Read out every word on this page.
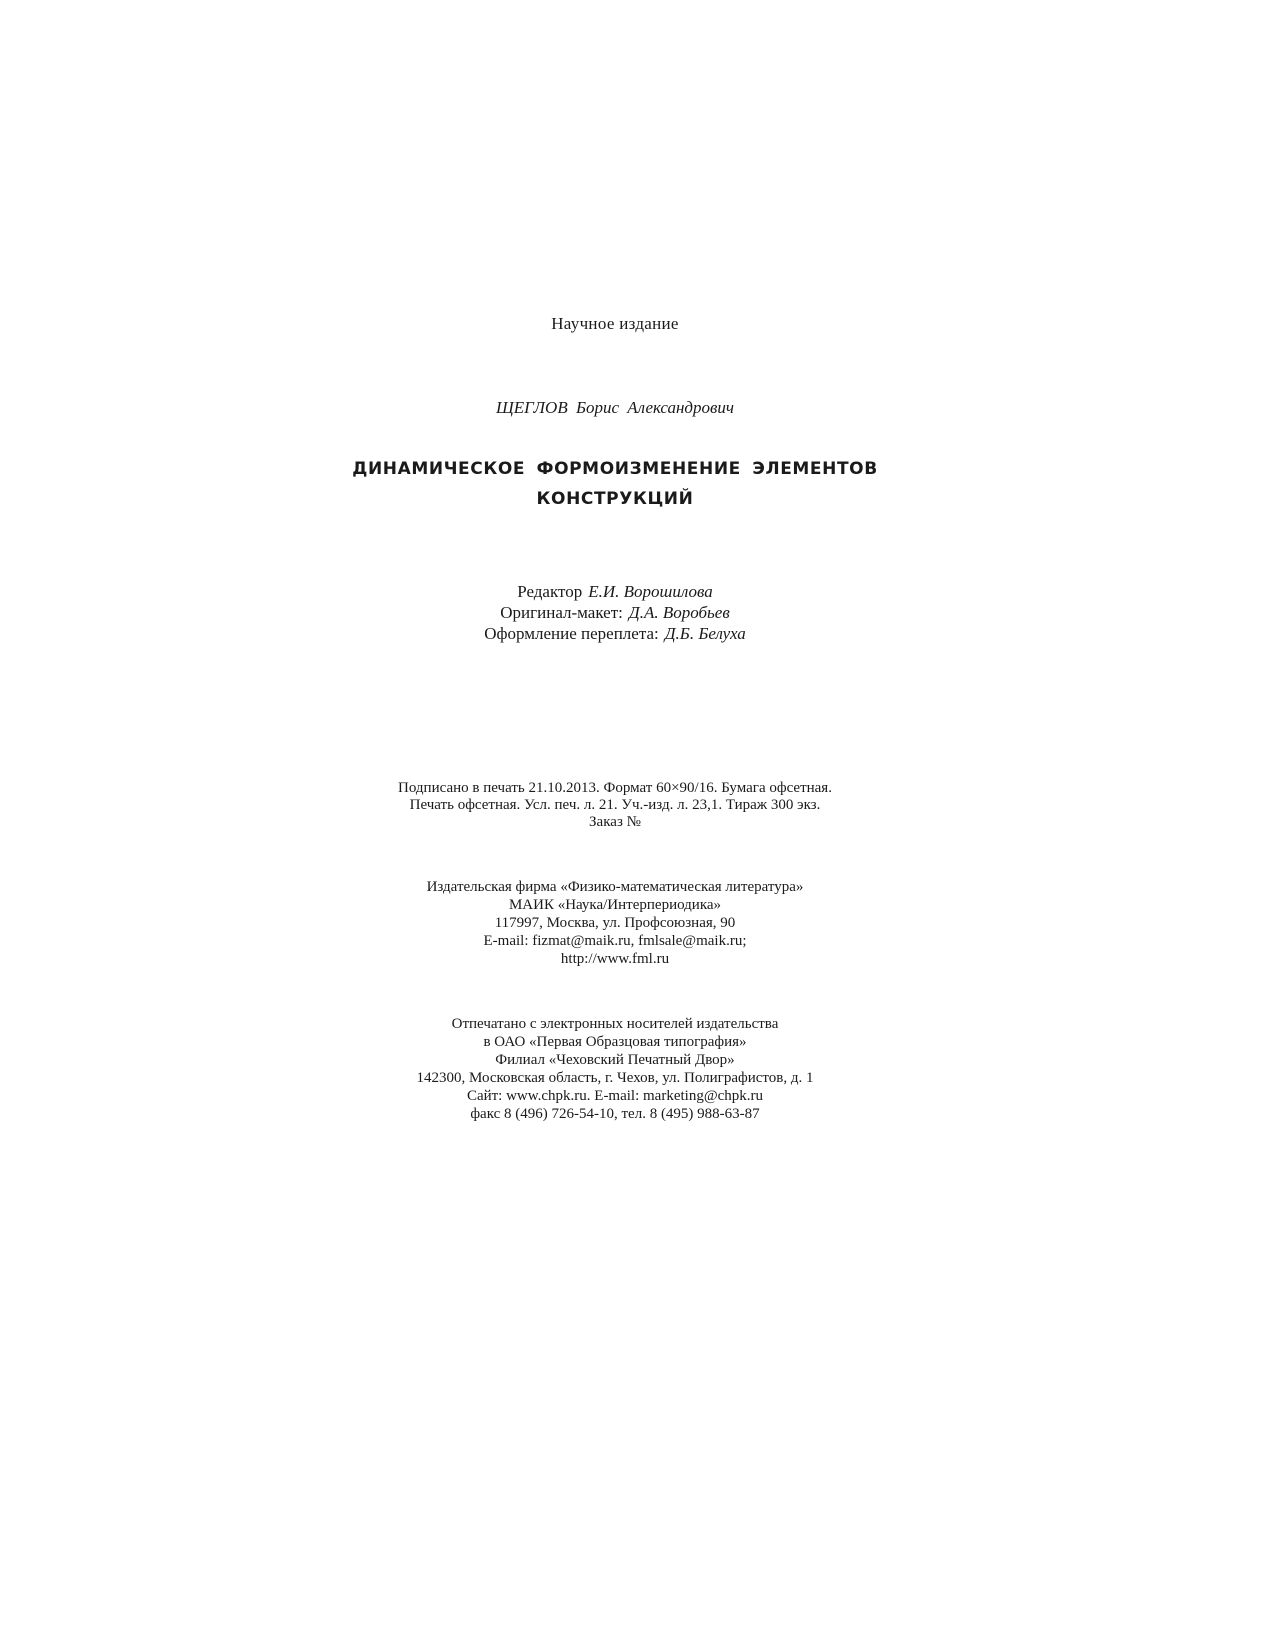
Научное издание
ЩЕГЛОВ Борис Александрович
ДИНАМИЧЕСКОЕ ФОРМОИЗМЕНЕНИЕ ЭЛЕМЕНТОВ
КОНСТРУКЦИЙ
Редактор Е.И. Ворошилова
Оригинал-макет: Д.А. Воробьев
Оформление переплета: Д.Б. Белуха
Подписано в печать 21.10.2013. Формат 60×90/16. Бумага офсетная.
Печать офсетная. Усл. печ. л. 21. Уч.-изд. л. 23,1. Тираж 300 экз.
Заказ №
Издательская фирма «Физико-математическая литература»
МАИК «Наука/Интерпериодика»
117997, Москва, ул. Профсоюзная, 90
E-mail: fizmat@maik.ru, fmlsale@maik.ru;
http://www.fml.ru
Отпечатано с электронных носителей издательства
в ОАО «Первая Образцовая типография»
Филиал «Чеховский Печатный Двор»
142300, Московская область, г. Чехов, ул. Полиграфистов, д. 1
Сайт: www.chpk.ru. E-mail: marketing@chpk.ru
факс 8 (496) 726-54-10, тел. 8 (495) 988-63-87
